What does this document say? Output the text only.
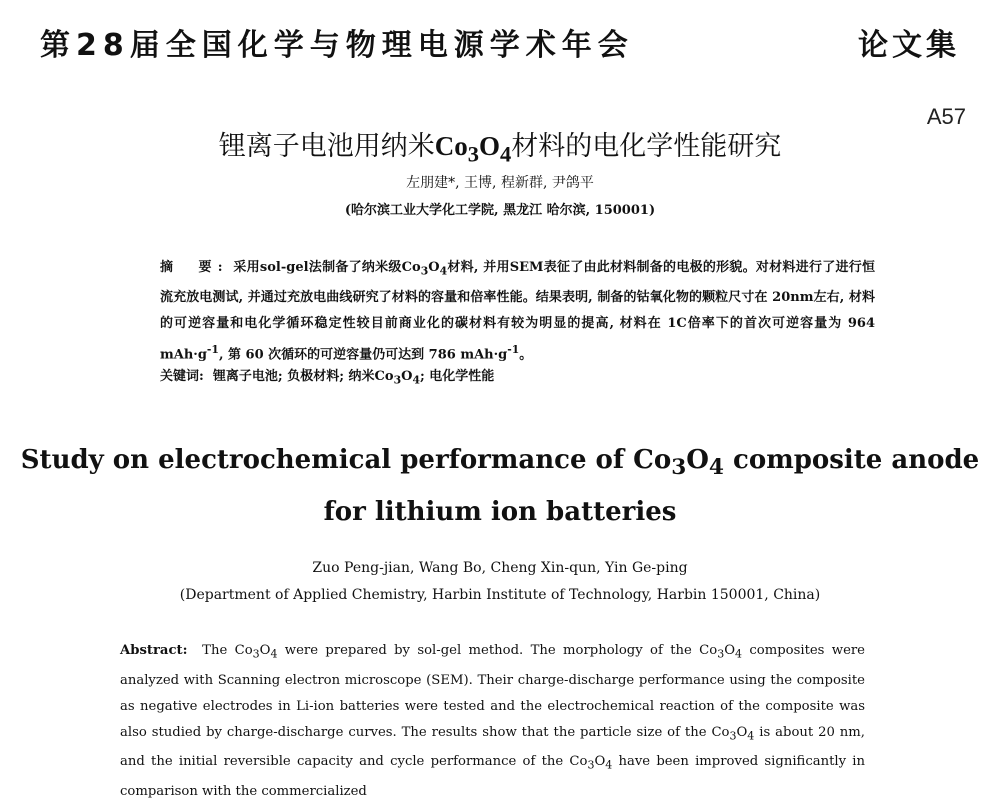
第28届全国化学与物理电源学术年会	论文集
A57
锂离子电池用纳米$Co_3O_4$材料的电化学性能研究
左朋建*, 王博, 程新群, 尹鸽平
(哈尔滨工业大学化工学院, 黑龙江 哈尔滨, 150001)
摘　要: 采用sol-gel法制备了纳米级$Co_3O_4$材料, 并用SEM表征了由此材料制备的电极的形貌。对材料进行了进行恒流充放电测试, 并通过充放电曲线研究了材料的容量和倍率性能。结果表明, 制备的钴氧化物的颗粒尺寸在 20nm左右, 材料的可逆容量和电化学循环稳定性较目前商业化的碳材料有较为明显的提高, 材料在 1C倍率下的首次可逆容量为 964 $mAh\cdot g^{-1}$, 第 60 次循环的可逆容量仍可达到 786 $mAh\cdot g^{-1}$。
关键词: 锂离子电池; 负极材料; 纳米$Co_3O_4$; 电化学性能
Study on electrochemical performance of $Co_3O_4$ composite anode
for lithium ion batteries
Zuo Peng-jian, Wang Bo, Cheng Xin-qun, Yin Ge-ping
(Department of Applied Chemistry, Harbin Institute of Technology, Harbin 150001, China)
Abstract: The $Co_3O_4$ were prepared by sol-gel method. The morphology of the $Co_3O_4$ composites were analyzed with Scanning electron microscope (SEM). Their charge-discharge performance using the composite as negative electrodes in Li-ion batteries were tested and the electrochemical reaction of the composite was also studied by charge-discharge curves. The results show that the particle size of the $Co_3O_4$ is about 20 nm, and the initial reversible capacity and cycle performance of the $Co_3O_4$ have been improved significantly in comparison with the commercialized
